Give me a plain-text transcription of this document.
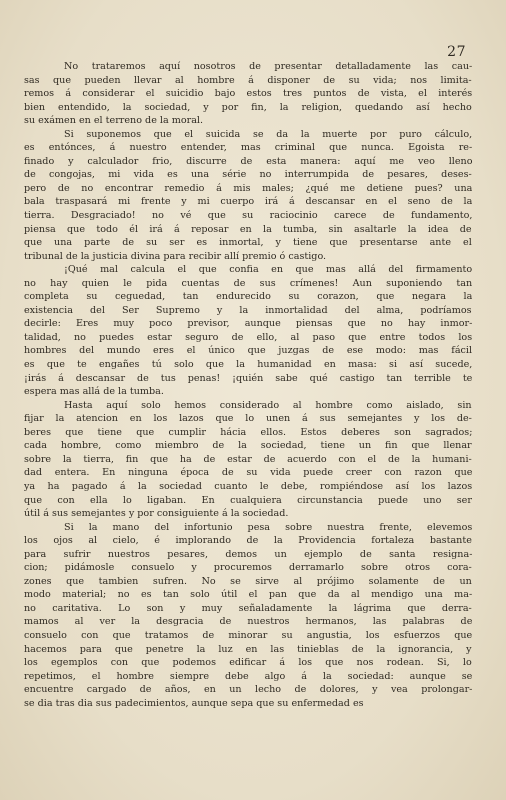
27

No trataremos aquí nosotros de presentar detalladamente las cau-
sas que pueden llevar al hombre á disponer de su vida; nos limita-
remos á considerar el suicidio bajo estos tres puntos de vista, el interés
bien entendido, la sociedad, y por fin, la religion, quedando así hecho
su exámen en el terreno de la moral.

Si suponemos que el suicida se da la muerte por puro cálculo,
es entónces, á nuestro entender, mas criminal que nunca. Egoista re-
finado y calculador frio, discurre de esta manera: aquí me veo lleno
de congojas, mi vida es una série no interrumpida de pesares, deses-
pero de no encontrar remedio á mis males; ¿qué me detiene pues? una
bala traspasará mi frente y mi cuerpo irá á descansar en el seno de la
tierra. Desgraciado! no vé que su raciocinio carece de fundamento,
piensa que todo él irá á reposar en la tumba, sin asaltarle la idea de
que una parte de su ser es inmortal, y tiene que presentarse ante el
tribunal de la justicia divina para recibir allí premio ó castigo.

¡Qué mal calcula el que confia en que mas allá del firmamento
no hay quien le pida cuentas de sus crímenes! Aun suponiendo tan
completa su ceguedad, tan endurecido su corazon, que negara la
existencia del Ser Supremo y la inmortalidad del alma, podríamos
decirle: Eres muy poco previsor, aunque piensas que no hay inmor-
talidad, no puedes estar seguro de ello, al paso que entre todos los
hombres del mundo eres el único que juzgas de ese modo: mas fácil
es que te engañes tú solo que la humanidad en masa: si así sucede,
¡irás á descansar de tus penas! ¡quién sabe qué castigo tan terrible te
espera mas allá de la tumba.

Hasta aquí solo hemos considerado al hombre como aislado, sin
fijar la atencion en los lazos que lo unen á sus semejantes y los de-
beres que tiene que cumplir hácia ellos. Estos deberes son sagrados;
cada hombre, como miembro de la sociedad, tiene un fin que llenar
sobre la tierra, fin que ha de estar de acuerdo con el de la humani-
dad entera. En ninguna época de su vida puede creer con razon que
ya ha pagado á la sociedad cuanto le debe, rompiéndose así los lazos
que con ella lo ligaban. En cualquiera circunstancia puede uno ser
útil á sus semejantes y por consiguiente á la sociedad.

Si la mano del infortunio pesa sobre nuestra frente, elevemos
los ojos al cielo, é implorando de la Providencia fortaleza bastante
para sufrir nuestros pesares, demos un ejemplo de santa resigna-
cion; pidámosle consuelo y procuremos derramarlo sobre otros cora-
zones que tambien sufren. No se sirve al prójimo solamente de un
modo material; no es tan solo útil el pan que da al mendigo una ma-
no caritativa. Lo son y muy señaladamente la lágrima que derra-
mamos al ver la desgracia de nuestros hermanos, las palabras de
consuelo con que tratamos de minorar su angustia, los esfuerzos que
hacemos para que penetre la luz en las tinieblas de la ignorancia, y
los egemplos con que podemos edificar á los que nos rodean. Si, lo
repetimos, el hombre siempre debe algo á la sociedad: aunque se
encuentre cargado de años, en un lecho de dolores, y vea prolongar-
se dia tras dia sus padecimientos, aunque sepa que su enfermedad es
